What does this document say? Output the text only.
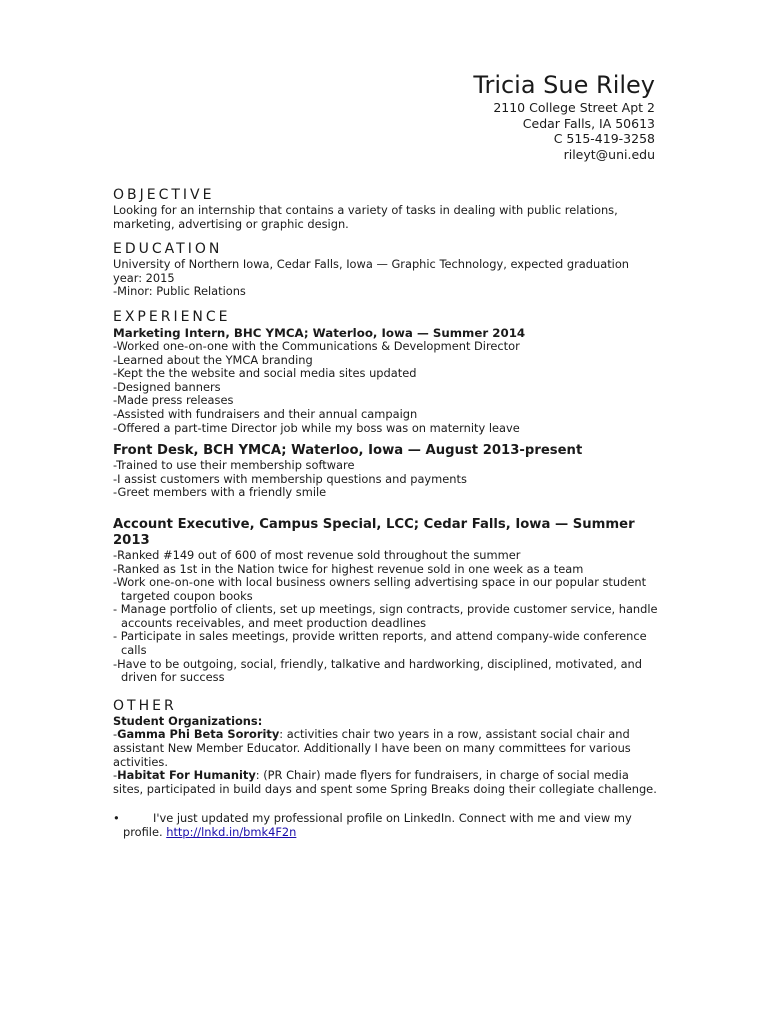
Tricia Sue Riley
2110 College Street Apt 2
Cedar Falls, IA 50613
C 515-419-3258
rileyt@uni.edu
OBJECTIVE
Looking for an internship that contains a variety of tasks in dealing with public relations, marketing, advertising or graphic design.
EDUCATION
University of Northern Iowa, Cedar Falls, Iowa — Graphic Technology, expected graduation year: 2015
-Minor: Public Relations
EXPERIENCE
Marketing Intern, BHC YMCA; Waterloo, Iowa — Summer 2014
-Worked one-on-one with the Communications & Development Director
-Learned about the YMCA branding
-Kept the the website and social media sites updated
-Designed banners
-Made press releases
-Assisted with fundraisers and their annual campaign
-Offered a part-time Director job while my boss was on maternity leave
Front Desk, BCH YMCA; Waterloo, Iowa — August 2013-present
-Trained to use their membership software
-I assist customers with membership questions and payments
-Greet members with a friendly smile
Account Executive, Campus Special, LCC; Cedar Falls, Iowa — Summer 2013
-Ranked #149 out of 600 of most revenue sold throughout the summer
-Ranked as 1st in the Nation twice for highest revenue sold in one week as a team
-Work one-on-one with local business owners selling advertising space in our popular student targeted coupon books
- Manage portfolio of clients, set up meetings, sign contracts, provide customer service, handle accounts receivables, and meet production deadlines
- Participate in sales meetings, provide written reports, and attend company-wide conference calls
-Have to be outgoing, social, friendly, talkative and hardworking, disciplined, motivated, and driven for success
OTHER
Student Organizations:
-Gamma Phi Beta Sorority: activities chair two years in a row, assistant social chair and assistant New Member Educator. Additionally I have been on many committees for various activities.
-Habitat For Humanity: (PR Chair) made flyers for fundraisers, in charge of social media sites, participated in build days and spent some Spring Breaks doing their collegiate challenge.
•	I've just updated my professional profile on LinkedIn. Connect with me and view my profile. http://lnkd.in/bmk4F2n
